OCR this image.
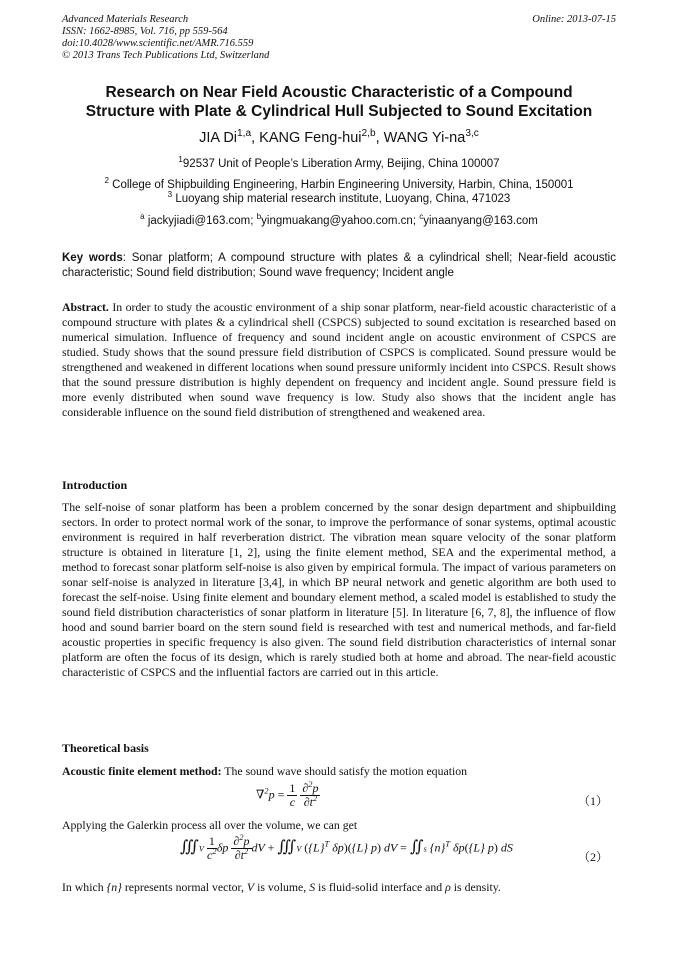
Advanced Materials Research
ISSN: 1662-8985, Vol. 716, pp 559-564
doi:10.4028/www.scientific.net/AMR.716.559
© 2013 Trans Tech Publications Ltd, Switzerland
Online: 2013-07-15
Research on Near Field Acoustic Characteristic of a Compound
Structure with Plate & Cylindrical Hull Subjected to Sound Excitation
JIA Di$^{1,a}$, KANG Feng-hui$^{2,b}$, WANG Yi-na$^{3,c}$
$^1$92537 Unit of People’s Liberation Army, Beijing, China 100007
$^2$ College of Shipbuilding Engineering, Harbin Engineering University, Harbin, China, 150001
$^3$ Luoyang ship material research institute, Luoyang, China, 471023
$^a$ jackyjiadi@163.com; $^b$yingmuakang@yahoo.com.cn; $^c$yinaanyang@163.com
Key words: Sonar platform; A compound structure with plates & a cylindrical shell; Near-field acoustic characteristic; Sound field distribution; Sound wave frequency; Incident angle
Abstract. In order to study the acoustic environment of a ship sonar platform, near-field acoustic characteristic of a compound structure with plates & a cylindrical shell (CSPCS) subjected to sound excitation is researched based on numerical simulation. Influence of frequency and sound incident angle on acoustic environment of CSPCS are studied. Study shows that the sound pressure field distribution of CSPCS is complicated. Sound pressure would be strengthened and weakened in different locations when sound pressure uniformly incident into CSPCS. Result shows that the sound pressure distribution is highly dependent on frequency and incident angle. Sound pressure field is more evenly distributed when sound wave frequency is low. Study also shows that the incident angle has considerable influence on the sound field distribution of strengthened and weakened area.
Introduction
The self-noise of sonar platform has been a problem concerned by the sonar design department and shipbuilding sectors. In order to protect normal work of the sonar, to improve the performance of sonar systems, optimal acoustic environment is required in half reverberation district. The vibration mean square velocity of the sonar platform structure is obtained in literature [1, 2], using the finite element method, SEA and the experimental method, a method to forecast sonar platform self-noise is also given by empirical formula. The impact of various parameters on sonar self-noise is analyzed in literature [3,4], in which BP neural network and genetic algorithm are both used to forecast the self-noise. Using finite element and boundary element method, a scaled model is established to study the sound field distribution characteristics of sonar platform in literature [5]. In literature [6, 7, 8], the influence of flow hood and sound barrier board on the stern sound field is researched with test and numerical methods, and far-field acoustic properties in specific frequency is also given. The sound field distribution characteristics of internal sonar platform are often the focus of its design, which is rarely studied both at home and abroad. The near-field acoustic characteristic of CSPCS and the influential factors are carried out in this article.
Theoretical basis
Acoustic finite element method: The sound wave should satisfy the motion equation
$\nabla^2p = \frac{1}{c}$
$\frac{\partial^2p}{\partial t^2}$	（1）
Applying the Galerkin process all over the volume, we can get
∭V $\frac{1}{c^2}$ δp $\frac{\partial^2p}{\partial t^2}$ dV + ∭V ($\{L\}^T$ δp)({L} p) dV = ∬s $\{n\}^T$ δp({L} p) dS
（2）
In which {n} represents normal vector, V is volume, S is fluid-solid interface and ρ is density.
